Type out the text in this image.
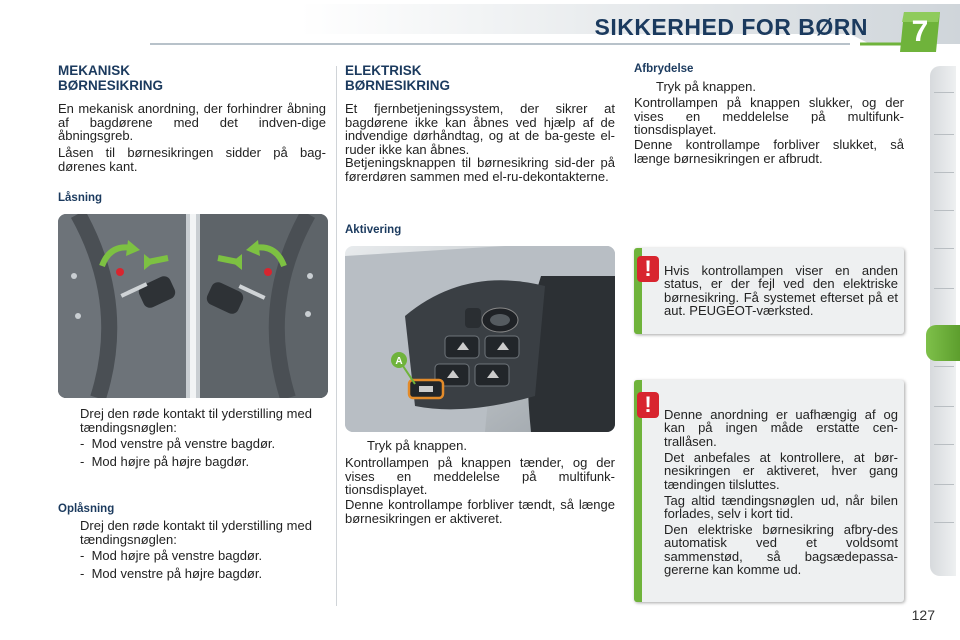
SIKKERHED FOR BØRN	7
MEKANISK
BØRNESIKRING

En mekanisk anordning, der forhindrer åbning af bagdørene med det indven-dige åbningsgreb.

Låsen til børnesikringen sidder på bag-dørenes kant.

Låsning
Drej den røde kontakt til yderstilling med tændingsnøglen:
-  Mod venstre på venstre bagdør.
-  Mod højre på højre bagdør.
Oplåsning
Drej den røde kontakt til yderstilling med tændingsnøglen:
-  Mod højre på venstre bagdør.
-  Mod venstre på højre bagdør.
ELEKTRISK
BØRNESIKRING

Et fjernbetjeningssystem, der sikrer at bagdørene ikke kan åbnes ved hjælp af de indvendige dørhåndtag, og at de ba-geste el-ruder ikke kan åbnes.

Betjeningsknappen til børnesikring sid-der på førerdøren sammen med el-ru-dekontakterne.

Aktivering
A
Tryk på knappen.

Kontrollampen på knappen tænder, og der vises en meddelelse på multifunk-tionsdisplayet.

Denne kontrollampe forbliver tændt, så længe børnesikringen er aktiveret.

Afbrydelse
Tryk på knappen.

Kontrollampen på knappen slukker, og der vises en meddelelse på multifunk-tionsdisplayet.

Denne kontrollampe forbliver slukket, så længe børnesikringen er afbrudt.

! Hvis kontrollampen viser en anden status, er der fejl ved den elektriske børnesikring. Få systemet efterset på et aut. PEUGEOT-værksted.

! Denne anordning er uafhængig af og kan på ingen måde erstatte cen-trallåsen.

Det anbefales at kontrollere, at bør-nesikringen er aktiveret, hver gang tændingen tilsluttes.

Tag altid tændingsnøglen ud, når bilen forlades, selv i kort tid.

Den elektriske børnesikring afbry-des automatisk ved et voldsomt sammenstød, så bagsædepassa-gererne kan komme ud.

127
